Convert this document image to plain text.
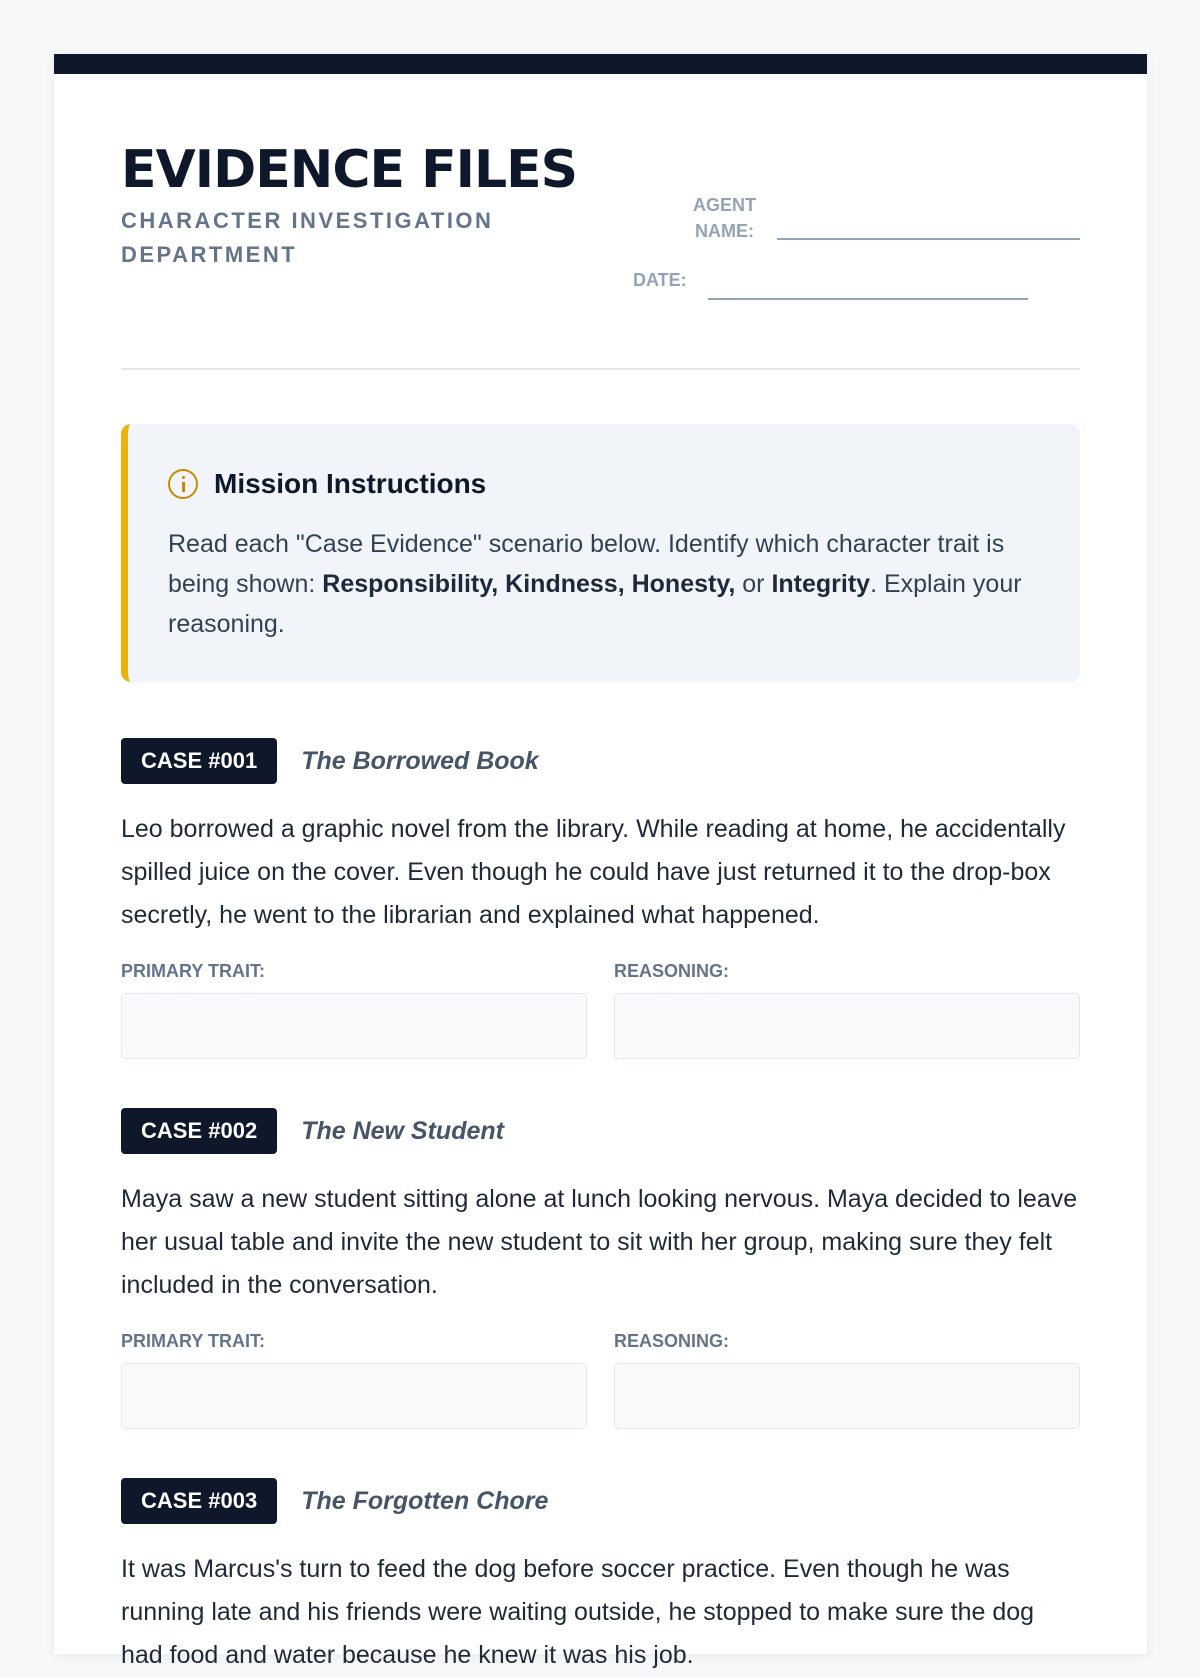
EVIDENCE FILES
CHARACTER INVESTIGATION DEPARTMENT
AGENT
NAME:
DATE:
Mission Instructions
Read each "Case Evidence" scenario below. Identify which character trait is being shown: Responsibility, Kindness, Honesty, or Integrity. Explain your reasoning.
CASE #001	The Borrowed Book
Leo borrowed a graphic novel from the library. While reading at home, he accidentally spilled juice on the cover. Even though he could have just returned it to the drop-box secretly, he went to the librarian and explained what happened.
PRIMARY TRAIT:	REASONING:
CASE #002	The New Student
Maya saw a new student sitting alone at lunch looking nervous. Maya decided to leave her usual table and invite the new student to sit with her group, making sure they felt included in the conversation.
PRIMARY TRAIT:	REASONING:
CASE #003	The Forgotten Chore
It was Marcus's turn to feed the dog before soccer practice. Even though he was running late and his friends were waiting outside, he stopped to make sure the dog had food and water because he knew it was his job.
